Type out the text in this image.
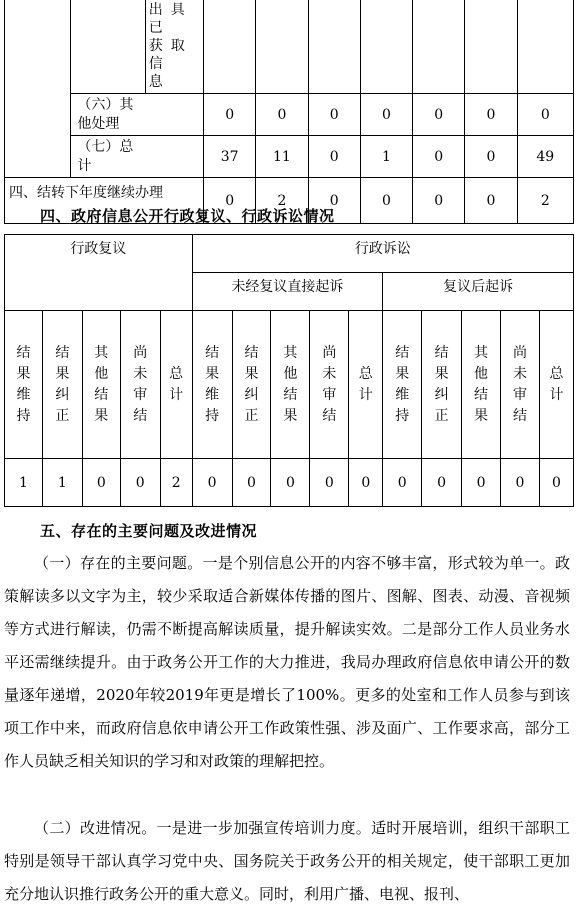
		出具已
获取信
息							

	（六）其
他处理		0	0	0	0	0	0	0

	（七）总
计		37	11	0	1	0	0	49
四、结转下年度继续办理			0	2	0	0	0	0	2
四、政府信息公开行政复议、行政诉讼情况
行政复议					行政诉讼									
					未经复议直接起诉					复议后起诉				

结果维持	结果纠正	其他结果	尚未审结	总计	结果维持	结果纠正	其他结果	尚未审结	总计	结果维持	结果纠正	其他结果	尚未审结	总计

1	1	0	0	2	0	0	0	0	0	0	0	0	0	0
五、存在的主要问题及改进情况
（一）存在的主要问题。一是个别信息公开的内容不够丰富，形式较为单一。政策解读多以文字为主，较少采取适合新媒体传播的图片、图解、图表、动漫、音视频等方式进行解读，仍需不断提高解读质量，提升解读实效。二是部分工作人员业务水平还需继续提升。由于政务公开工作的大力推进，我局办理政府信息依申请公开的数量逐年递增，2020年较2019年更是增长了100%。更多的处室和工作人员参与到该项工作中来，而政府信息依申请公开工作政策性强、涉及面广、工作要求高，部分工作人员缺乏相关知识的学习和对政策的理解把控。
（二）改进情况。一是进一步加强宣传培训力度。适时开展培训，组织干部职工特别是领导干部认真学习党中央、国务院关于政务公开的相关规定，使干部职工更加充分地认识推行政务公开的重大意义。同时，利用广播、电视、报刊、
